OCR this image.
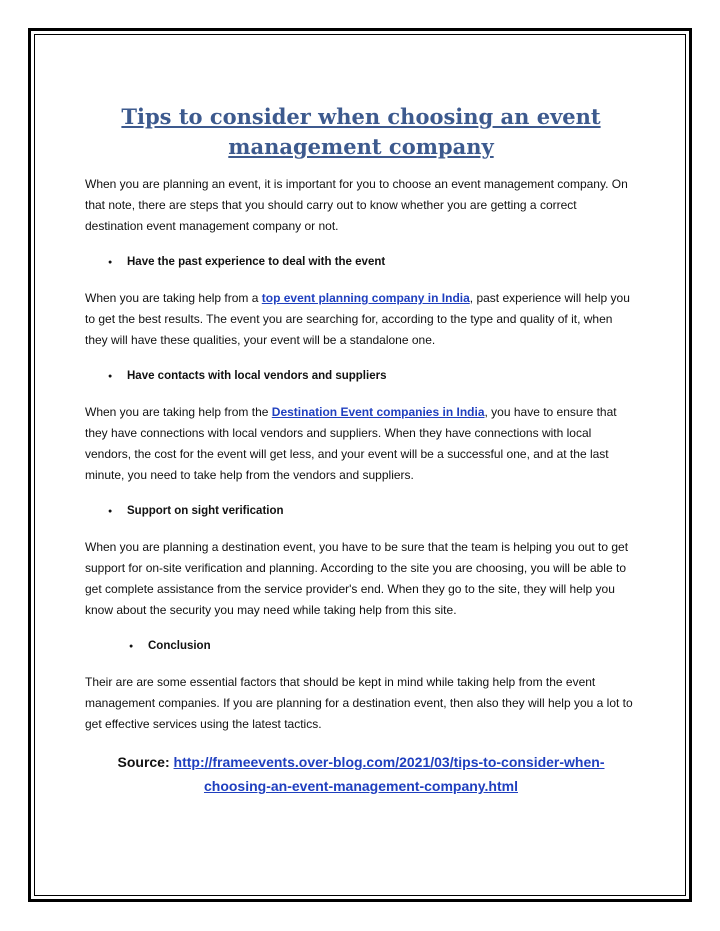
Tips to consider when choosing an event management company

When you are planning an event, it is important for you to choose an event management company. On that note, there are steps that you should carry out to know whether you are getting a correct destination event management company or not.

● Have the past experience to deal with the event

When you are taking help from a top event planning company in India, past experience will help you to get the best results. The event you are searching for, according to the type and quality of it, when they will have these qualities, your event will be a standalone one.

● Have contacts with local vendors and suppliers

When you are taking help from the Destination Event companies in India, you have to ensure that they have connections with local vendors and suppliers. When they have connections with local vendors, the cost for the event will get less, and your event will be a successful one, and at the last minute, you need to take help from the vendors and suppliers.

● Support on sight verification

When you are planning a destination event, you have to be sure that the team is helping you out to get support for on-site verification and planning. According to the site you are choosing, you will be able to get complete assistance from the service provider's end. When they go to the site, they will help you know about the security you may need while taking help from this site.

● Conclusion

Their are are some essential factors that should be kept in mind while taking help from the event management companies. If you are planning for a destination event, then also they will help you a lot to get effective services using the latest tactics.

Source: http://frameevents.over-blog.com/2021/03/tips-to-consider-when-choosing-an-event-management-company.html
